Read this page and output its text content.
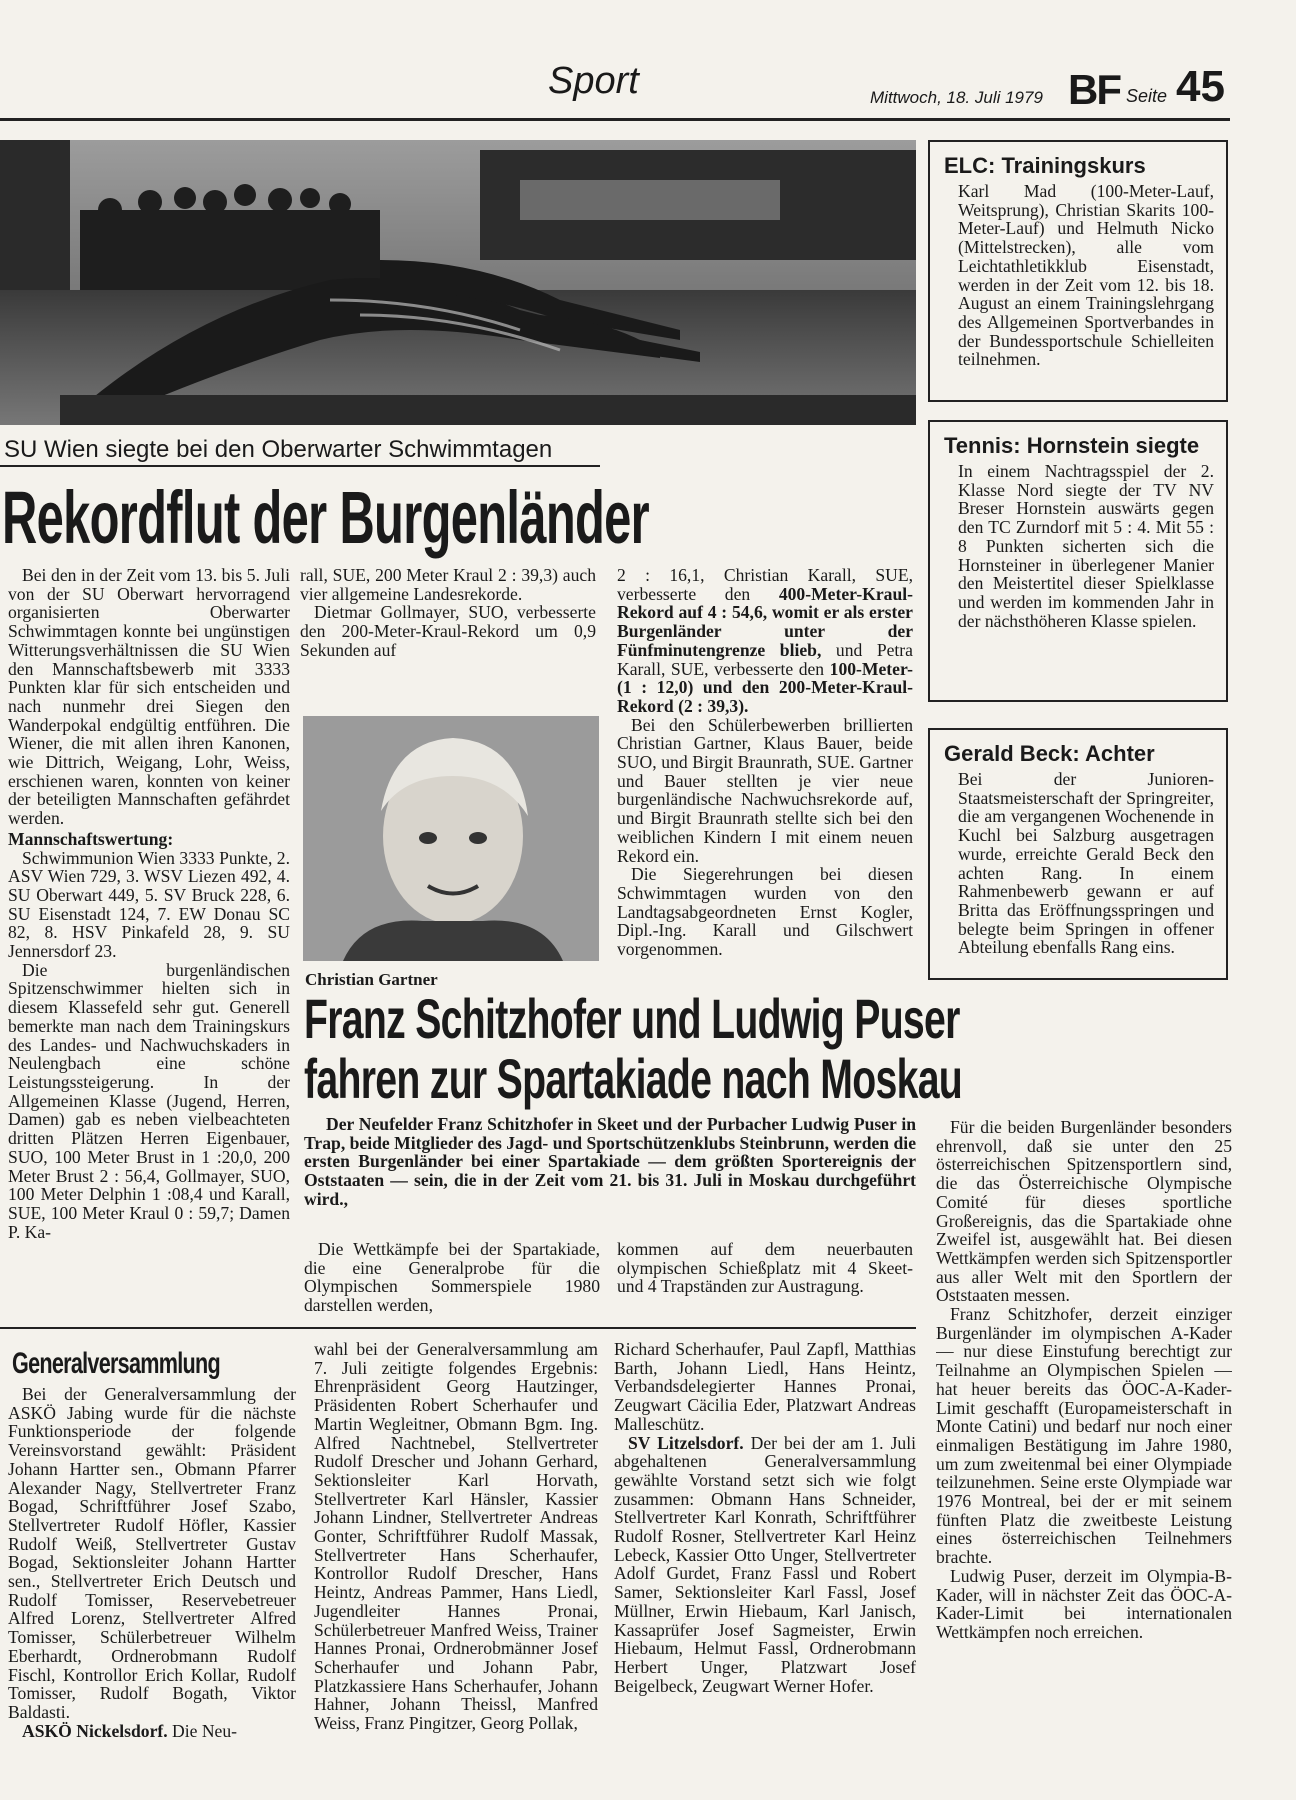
Sport	Mittwoch, 18. Juli 1979 BF Seite 45
ELC: Trainingskurs

Karl Mad (100-Meter-Lauf, Weitsprung), Christian Skarits 100-Meter-Lauf) und Helmuth Nicko (Mittelstrecken), alle vom Leichtathletikklub Eisenstadt, werden in der Zeit vom 12. bis 18. August an einem Trainingslehrgang des Allgemeinen Sportverbandes in der Bundessportschule Schielleiten teilnehmen.

Tennis: Hornstein siegte

In einem Nachtragsspiel der 2. Klasse Nord siegte der TV NV Breser Hornstein auswärts gegen den TC Zurndorf mit 5 : 4. Mit 55 : 8 Punkten sicherten sich die Hornsteiner in überlegener Manier den Meistertitel dieser Spielklasse und werden im kommenden Jahr in der nächsthöheren Klasse spielen.

Gerald Beck: Achter

Bei der Junioren-Staatsmeisterschaft der Springreiter, die am vergangenen Wochenende in Kuchl bei Salzburg ausgetragen wurde, erreichte Gerald Beck den achten Rang. In einem Rahmenbewerb gewann er auf Britta das Eröffnungsspringen und belegte beim Springen in offener Abteilung ebenfalls Rang eins.

SU Wien siegte bei den Oberwarter Schwimmtagen
Rekordflut der Burgenländer

Bei den in der Zeit vom 13. bis 5. Juli von der SU Oberwart hervorragend organisierten Oberwarter Schwimmtagen konnte bei ungünstigen Witterungsverhältnissen die SU Wien den Mannschaftsbewerb mit 3333 Punkten klar für sich entscheiden und nach nunmehr drei Siegen den Wanderpokal endgültig entführen. Die Wiener, die mit allen ihren Kanonen, wie Dittrich, Weigang, Lohr, Weiss, erschienen waren, konnten von keiner der beteiligten Mannschaften gefährdet werden.

Mannschaftswertung:

Schwimmunion Wien 3333 Punkte, 2. ASV Wien 729, 3. WSV Liezen 492, 4. SU Oberwart 449, 5. SV Bruck 228, 6. SU Eisenstadt 124, 7. EW Donau SC 82, 8. HSV Pinkafeld 28, 9. SU Jennersdorf 23.

Die burgenländischen Spitzenschwimmer hielten sich in diesem Klassefeld sehr gut. Generell bemerkte man nach dem Trainingskurs des Landes- und Nachwuchskaders in Neulengbach eine schöne Leistungssteigerung. In der Allgemeinen Klasse (Jugend, Herren, Damen) gab es neben vielbeachteten dritten Plätzen Herren Eigenbauer, SUO, 100 Meter Brust in 1 :20,0, 200 Meter Brust 2 : 56,4, Gollmayer, SUO, 100 Meter Delphin 1 :08,4 und Karall, SUE, 100 Meter Kraul 0 : 59,7; Damen P. Ka-

rall, SUE, 200 Meter Kraul 2 : 39,3) auch vier allgemeine Landesrekorde.

Dietmar Gollmayer, SUO, verbesserte den 200-Meter-Kraul-Rekord um 0,9 Sekunden auf

Christian Gartner

2 : 16,1, Christian Karall, SUE, verbesserte den 400-Meter-Kraul-Rekord auf 4 : 54,6, womit er als erster Burgenländer unter der Fünfminutengrenze blieb, und Petra Karall, SUE, verbesserte den 100-Meter- (1 : 12,0) und den 200-Meter-Kraul-Rekord (2 : 39,3).

Bei den Schülerbewerben brillierten Christian Gartner, Klaus Bauer, beide SUO, und Birgit Braunrath, SUE. Gartner und Bauer stellten je vier neue burgenländische Nachwuchsrekorde auf, und Birgit Braunrath stellte sich bei den weiblichen Kindern I mit einem neuen Rekord ein.

Die Siegerehrungen bei diesen Schwimmtagen wurden von den Landtagsabgeordneten Ernst Kogler, Dipl.-Ing. Karall und Gilschwert vorgenommen.

Franz Schitzhofer und Ludwig Puser
fahren zur Spartakiade nach Moskau

Der Neufelder Franz Schitzhofer in Skeet und der Purbacher Ludwig Puser in Trap, beide Mitglieder des Jagd- und Sportschützenklubs Steinbrunn, werden die ersten Burgenländer bei einer Spartakiade — dem größten Sportereignis der Oststaaten — sein, die in der Zeit vom 21. bis 31. Juli in Moskau durchgeführt wird.,

Die Wettkämpfe bei der Spartakiade, die eine Generalprobe für die Olympischen Sommerspiele 1980 darstellen werden,

kommen auf dem neuerbauten olympischen Schießplatz mit 4 Skeet- und 4 Trapständen zur Austragung.

Für die beiden Burgenländer besonders ehrenvoll, daß sie unter den 25 österreichischen Spitzensportlern sind, die das Österreichische Olympische Comité für dieses sportliche Großereignis, das die Spartakiade ohne Zweifel ist, ausgewählt hat. Bei diesen Wettkämpfen werden sich Spitzensportler aus aller Welt mit den Sportlern der Oststaaten messen.

Franz Schitzhofer, derzeit einziger Burgenländer im olympischen A-Kader — nur diese Einstufung berechtigt zur Teilnahme an Olympischen Spielen — hat heuer bereits das ÖOC-A-Kader-Limit geschafft (Europameisterschaft in Monte Catini) und bedarf nur noch einer einmaligen Bestätigung im Jahre 1980, um zum zweitenmal bei einer Olympiade teilzunehmen. Seine erste Olympiade war 1976 Montreal, bei der er mit seinem fünften Platz die zweitbeste Leistung eines österreichischen Teilnehmers brachte.

Ludwig Puser, derzeit im Olympia-B-Kader, will in nächster Zeit das ÖOC-A-Kader-Limit bei internationalen Wettkämpfen noch erreichen.

Generalversammlung

Bei der Generalversammlung der ASKÖ Jabing wurde für die nächste Funktionsperiode der folgende Vereinsvorstand gewählt: Präsident Johann Hartter sen., Obmann Pfarrer Alexander Nagy, Stellvertreter Franz Bogad, Schriftführer Josef Szabo, Stellvertreter Rudolf Höfler, Kassier Rudolf Weiß, Stellvertreter Gustav Bogad, Sektionsleiter Johann Hartter sen., Stellvertreter Erich Deutsch und Rudolf Tomisser, Reservebetreuer Alfred Lorenz, Stellvertreter Alfred Tomisser, Schülerbetreuer Wilhelm Eberhardt, Ordnerobmann Rudolf Fischl, Kontrollor Erich Kollar, Rudolf Tomisser, Rudolf Bogath, Viktor Baldasti.

ASKÖ Nickelsdorf. Die Neu-

wahl bei der Generalversammlung am 7. Juli zeitigte folgendes Ergebnis: Ehrenpräsident Georg Hautzinger, Präsidenten Robert Scherhaufer und Martin Wegleitner, Obmann Bgm. Ing. Alfred Nachtnebel, Stellvertreter Rudolf Drescher und Johann Gerhard, Sektionsleiter Karl Horvath, Stellvertreter Karl Hänsler, Kassier Johann Lindner, Stellvertreter Andreas Gonter, Schriftführer Rudolf Massak, Stellvertreter Hans Scherhaufer, Kontrollor Rudolf Drescher, Hans Heintz, Andreas Pammer, Hans Liedl, Jugendleiter Hannes Pronai, Schülerbetreuer Manfred Weiss, Trainer Hannes Pronai, Ordnerobmänner Josef Scherhaufer und Johann Pabr, Platzkassiere Hans Scherhaufer, Johann Hahner, Johann Theissl, Manfred Weiss, Franz Pingitzer, Georg Pollak,

Richard Scherhaufer, Paul Zapfl, Matthias Barth, Johann Liedl, Hans Heintz, Verbandsdelegierter Hannes Pronai, Zeugwart Cäcilia Eder, Platzwart Andreas Malleschütz.

SV Litzelsdorf. Der bei der am 1. Juli abgehaltenen Generalversammlung gewählte Vorstand setzt sich wie folgt zusammen: Obmann Hans Schneider, Stellvertreter Karl Konrath, Schriftführer Rudolf Rosner, Stellvertreter Karl Heinz Lebeck, Kassier Otto Unger, Stellvertreter Adolf Gurdet, Franz Fassl und Robert Samer, Sektionsleiter Karl Fassl, Josef Müllner, Erwin Hiebaum, Karl Janisch, Kassaprüfer Josef Sagmeister, Erwin Hiebaum, Helmut Fassl, Ordnerobmann Herbert Unger, Platzwart Josef Beigelbeck, Zeugwart Werner Hofer.
